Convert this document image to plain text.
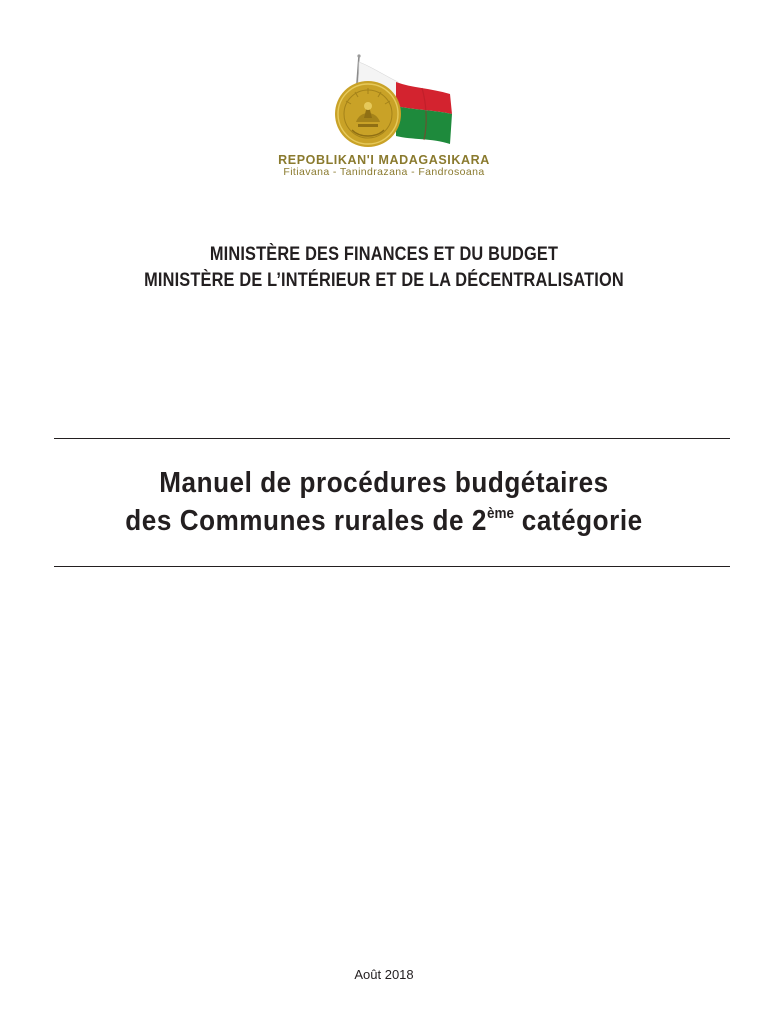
REPOBLIKAN'I MADAGASIKARA
Fitiavana - Tanindrazana - Fandrosoana
MINISTÈRE DES FINANCES ET DU BUDGET
MINISTÈRE DE L’INTÉRIEUR ET DE LA DÉCENTRALISATION
Manuel de procédures budgétaires
des Communes rurales de 2ème catégorie
Août 2018
